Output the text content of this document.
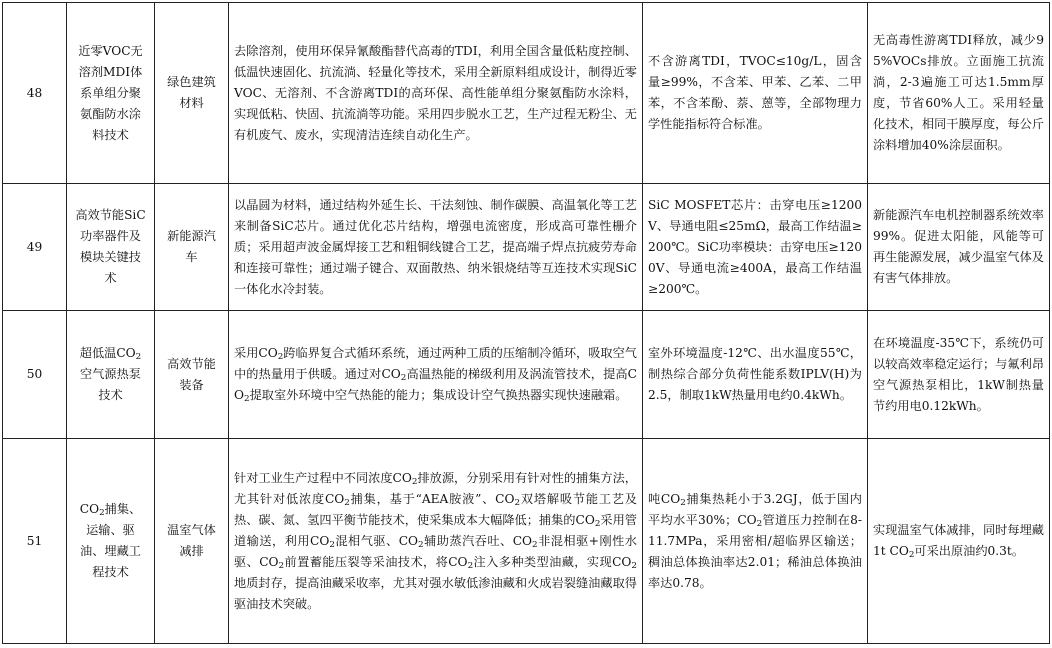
48	近零VOC无溶剂MDI体系单组分聚氨酯防水涂料技术	绿色建筑材料	去除溶剂，使用环保异氰酸酯替代高毒的TDI，利用全国含量低粘度控制、低温快速固化、抗流淌、轻量化等技术，采用全新原料组成设计，制得近零VOC、无溶剂、不含游离TDI的高环保、高性能单组分聚氨酯防水涂料，实现低粘、快固、抗流淌等功能。采用四步脱水工艺，生产过程无粉尘、无有机废气、废水，实现清洁连续自动化生产。	不含游离TDI，TVOC≤10g/L，固含量≥99%，不含苯、甲苯、乙苯、二甲苯，不含苯酚、萘、蒽等，全部物理力学性能指标符合标准。	无高毒性游离TDI释放，减少95%VOCs排放。立面施工抗流淌，2-3遍施工可达1.5mm厚度，节省60%人工。采用轻量化技术，相同干膜厚度，每公斤涂料增加40%涂层面积。
49	高效节能SiC功率器件及模块关键技术	新能源汽车	以晶圆为材料，通过结构外延生长、干法刻蚀、制作碳膜、高温氧化等工艺来制备SiC芯片。通过优化芯片结构，增强电流密度，形成高可靠性栅介质；采用超声波金属焊接工艺和粗铜线键合工艺，提高端子焊点抗疲劳寿命和连接可靠性；通过端子键合、双面散热、纳米银烧结等互连技术实现SiC一体化水冷封装。	SiC MOSFET芯片：击穿电压≥1200V、导通电阻≤25mΩ，最高工作结温≥200℃。SiC功率模块：击穿电压≥1200V、导通电流≥400A，最高工作结温≥200℃。	新能源汽车电机控制器系统效率99%。促进太阳能，风能等可再生能源发展，减少温室气体及有害气体排放。
50	超低温$CO_2$空气源热泵技术	高效节能装备	采用$CO_2$跨临界复合式循环系统，通过两种工质的压缩制冷循环，吸取空气中的热量用于供暖。通过对$CO_2$高温热能的梯级利用及涡流管技术，提高$CO_2$提取室外环境中空气热能的能力；集成设计空气换热器实现快速融霜。	室外环境温度-12℃、出水温度55℃，制热综合部分负荷性能系数IPLV(H)为2.5，制取1kW热量用电约0.4kWh。	在环境温度-35℃下，系统仍可以较高效率稳定运行；与氟利昂空气源热泵相比，1kW制热量节约用电0.12kWh。
51	$CO_2$捕集、运输、驱油、埋藏工程技术	温室气体减排	针对工业生产过程中不同浓度$CO_2$排放源，分别采用有针对性的捕集方法，尤其针对低浓度$CO_2$捕集，基于“AEA胺液”、$CO_2$双塔解吸节能工艺及热、碳、氮、氢四平衡节能技术，使采集成本大幅降低；捕集的$CO_2$采用管道输送，利用$CO_2$混相气驱、$CO_2$辅助蒸汽吞吐、$CO_2$非混相驱+刚性水驱、$CO_2$前置蓄能压裂等采油技术，将$CO_2$注入多种类型油藏，实现$CO_2$地质封存，提高油藏采收率，尤其对强水敏低渗油藏和火成岩裂缝油藏取得驱油技术突破。	吨$CO_2$捕集热耗小于3.2GJ，低于国内平均水平30%；$CO_2$管道压力控制在8-11.7MPa，采用密相/超临界区输送；稠油总体换油率达2.01；稀油总体换油率达0.78。	实现温室气体减排，同时每埋藏1t $CO_2$可采出原油约0.3t。
